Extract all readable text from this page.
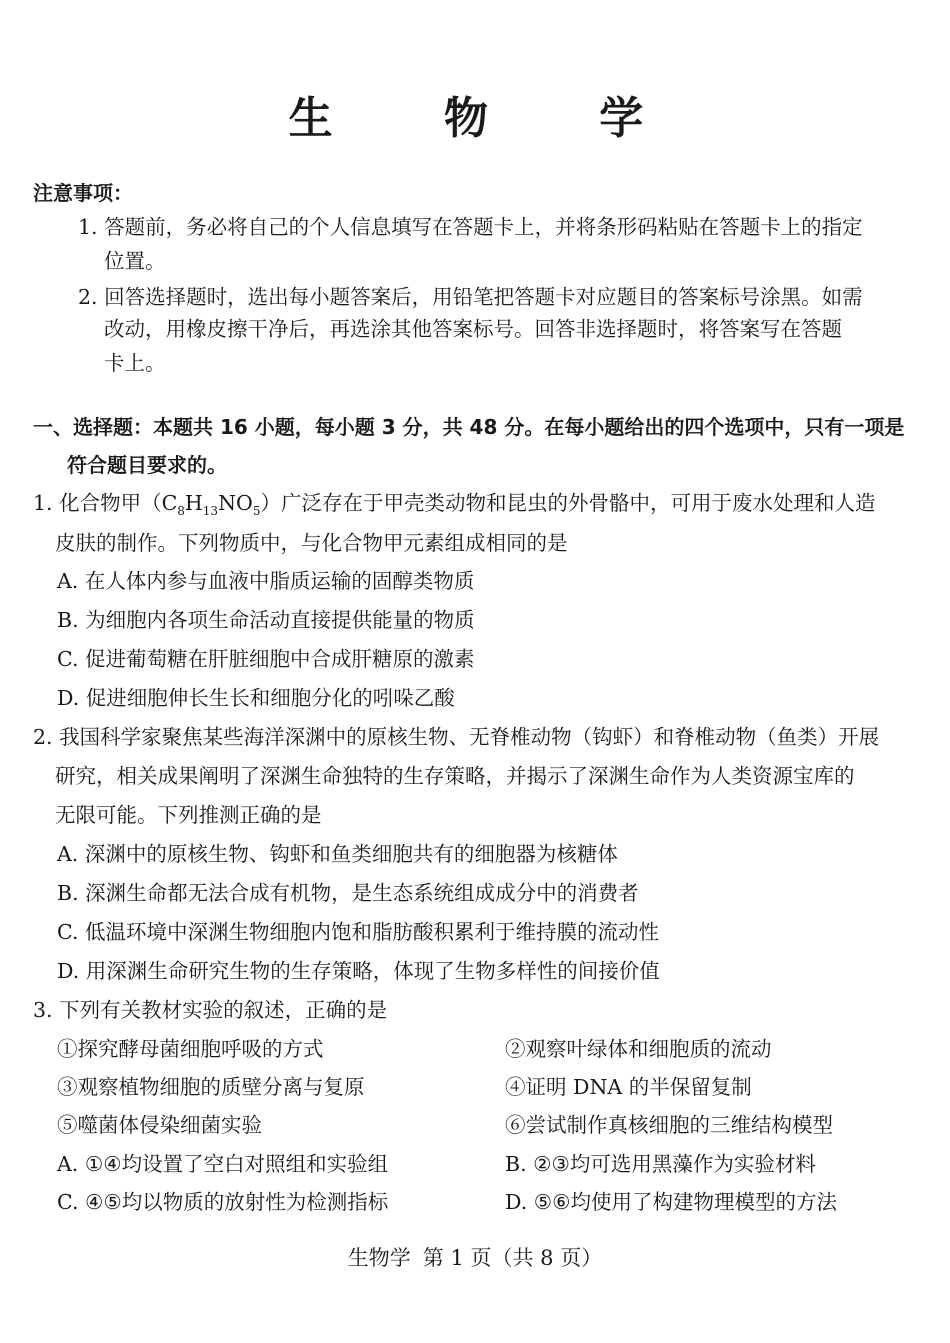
生 物 学
注意事项：
1. 答题前，务必将自己的个人信息填写在答题卡上，并将条形码粘贴在答题卡上的指定
位置。
2. 回答选择题时，选出每小题答案后，用铅笔把答题卡对应题目的答案标号涂黑。如需
改动，用橡皮擦干净后，再选涂其他答案标号。回答非选择题时，将答案写在答题
卡上。
一、选择题：本题共 16 小题，每小题 3 分，共 48 分。在每小题给出的四个选项中，只有一项是
符合题目要求的。
1. 化合物甲$(C_8H_{13}NO_5)$广泛存在于甲壳类动物和昆虫的外骨骼中，可用于废水处理和人造
皮肤的制作。下列物质中，与化合物甲元素组成相同的是
A. 在人体内参与血液中脂质运输的固醇类物质
B. 为细胞内各项生命活动直接提供能量的物质
C. 促进葡萄糖在肝脏细胞中合成肝糖原的激素
D. 促进细胞伸长生长和细胞分化的吲哚乙酸
2. 我国科学家聚焦某些海洋深渊中的原核生物、无脊椎动物（钩虾）和脊椎动物（鱼类）开展
研究，相关成果阐明了深渊生命独特的生存策略，并揭示了深渊生命作为人类资源宝库的
无限可能。下列推测正确的是
A. 深渊中的原核生物、钩虾和鱼类细胞共有的细胞器为核糖体
B. 深渊生命都无法合成有机物，是生态系统组成成分中的消费者
C. 低温环境中深渊生物细胞内饱和脂肪酸积累利于维持膜的流动性
D. 用深渊生命研究生物的生存策略，体现了生物多样性的间接价值
3. 下列有关教材实验的叙述，正确的是
①探究酵母菌细胞呼吸的方式	②观察叶绿体和细胞质的流动
③观察植物细胞的质壁分离与复原	④证明 DNA 的半保留复制
⑤噬菌体侵染细菌实验	⑥尝试制作真核细胞的三维结构模型
A. ①④均设置了空白对照组和实验组	B. ②③均可选用黑藻作为实验材料
C. ④⑤均以物质的放射性为检测指标	D. ⑤⑥均使用了构建物理模型的方法
生物学 第 1 页（共 8 页）
